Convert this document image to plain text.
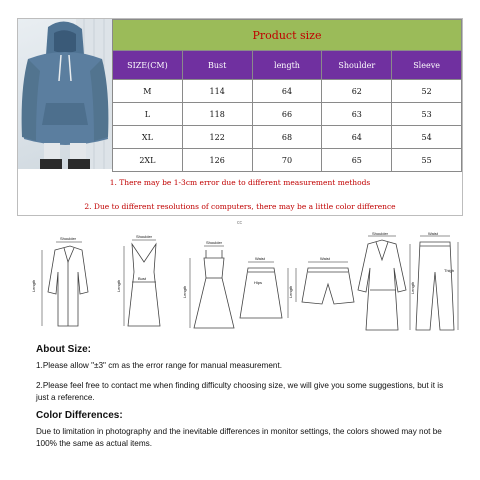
Product size				
SIZE(CM)	Bust	length	Shoulder	Sleeve
M	114	64	62	52
L	118	66	63	53
XL	122	68	64	54
2XL	126	70	65	55
1. There may be 1-3cm error due to different measurement methods
2. Due to different resolutions of computers, there may be a little color difference
cc
Shoulder	Shoulder
Bust
Shoulder
Waist
Hips
Waist
Shoulder	Waist
Thigh
Length	Length	Length	Length	Length
About Size:
1.Please allow "±3" cm as the error range for manual measurement.
2.Please feel free to contact me when finding difficulty choosing size, we will give you some suggestions, but it is just a reference.
Color Differences:
Due to limitation in photography and the inevitable differences in monitor settings, the colors showed may not be 100% the same as actual items.
